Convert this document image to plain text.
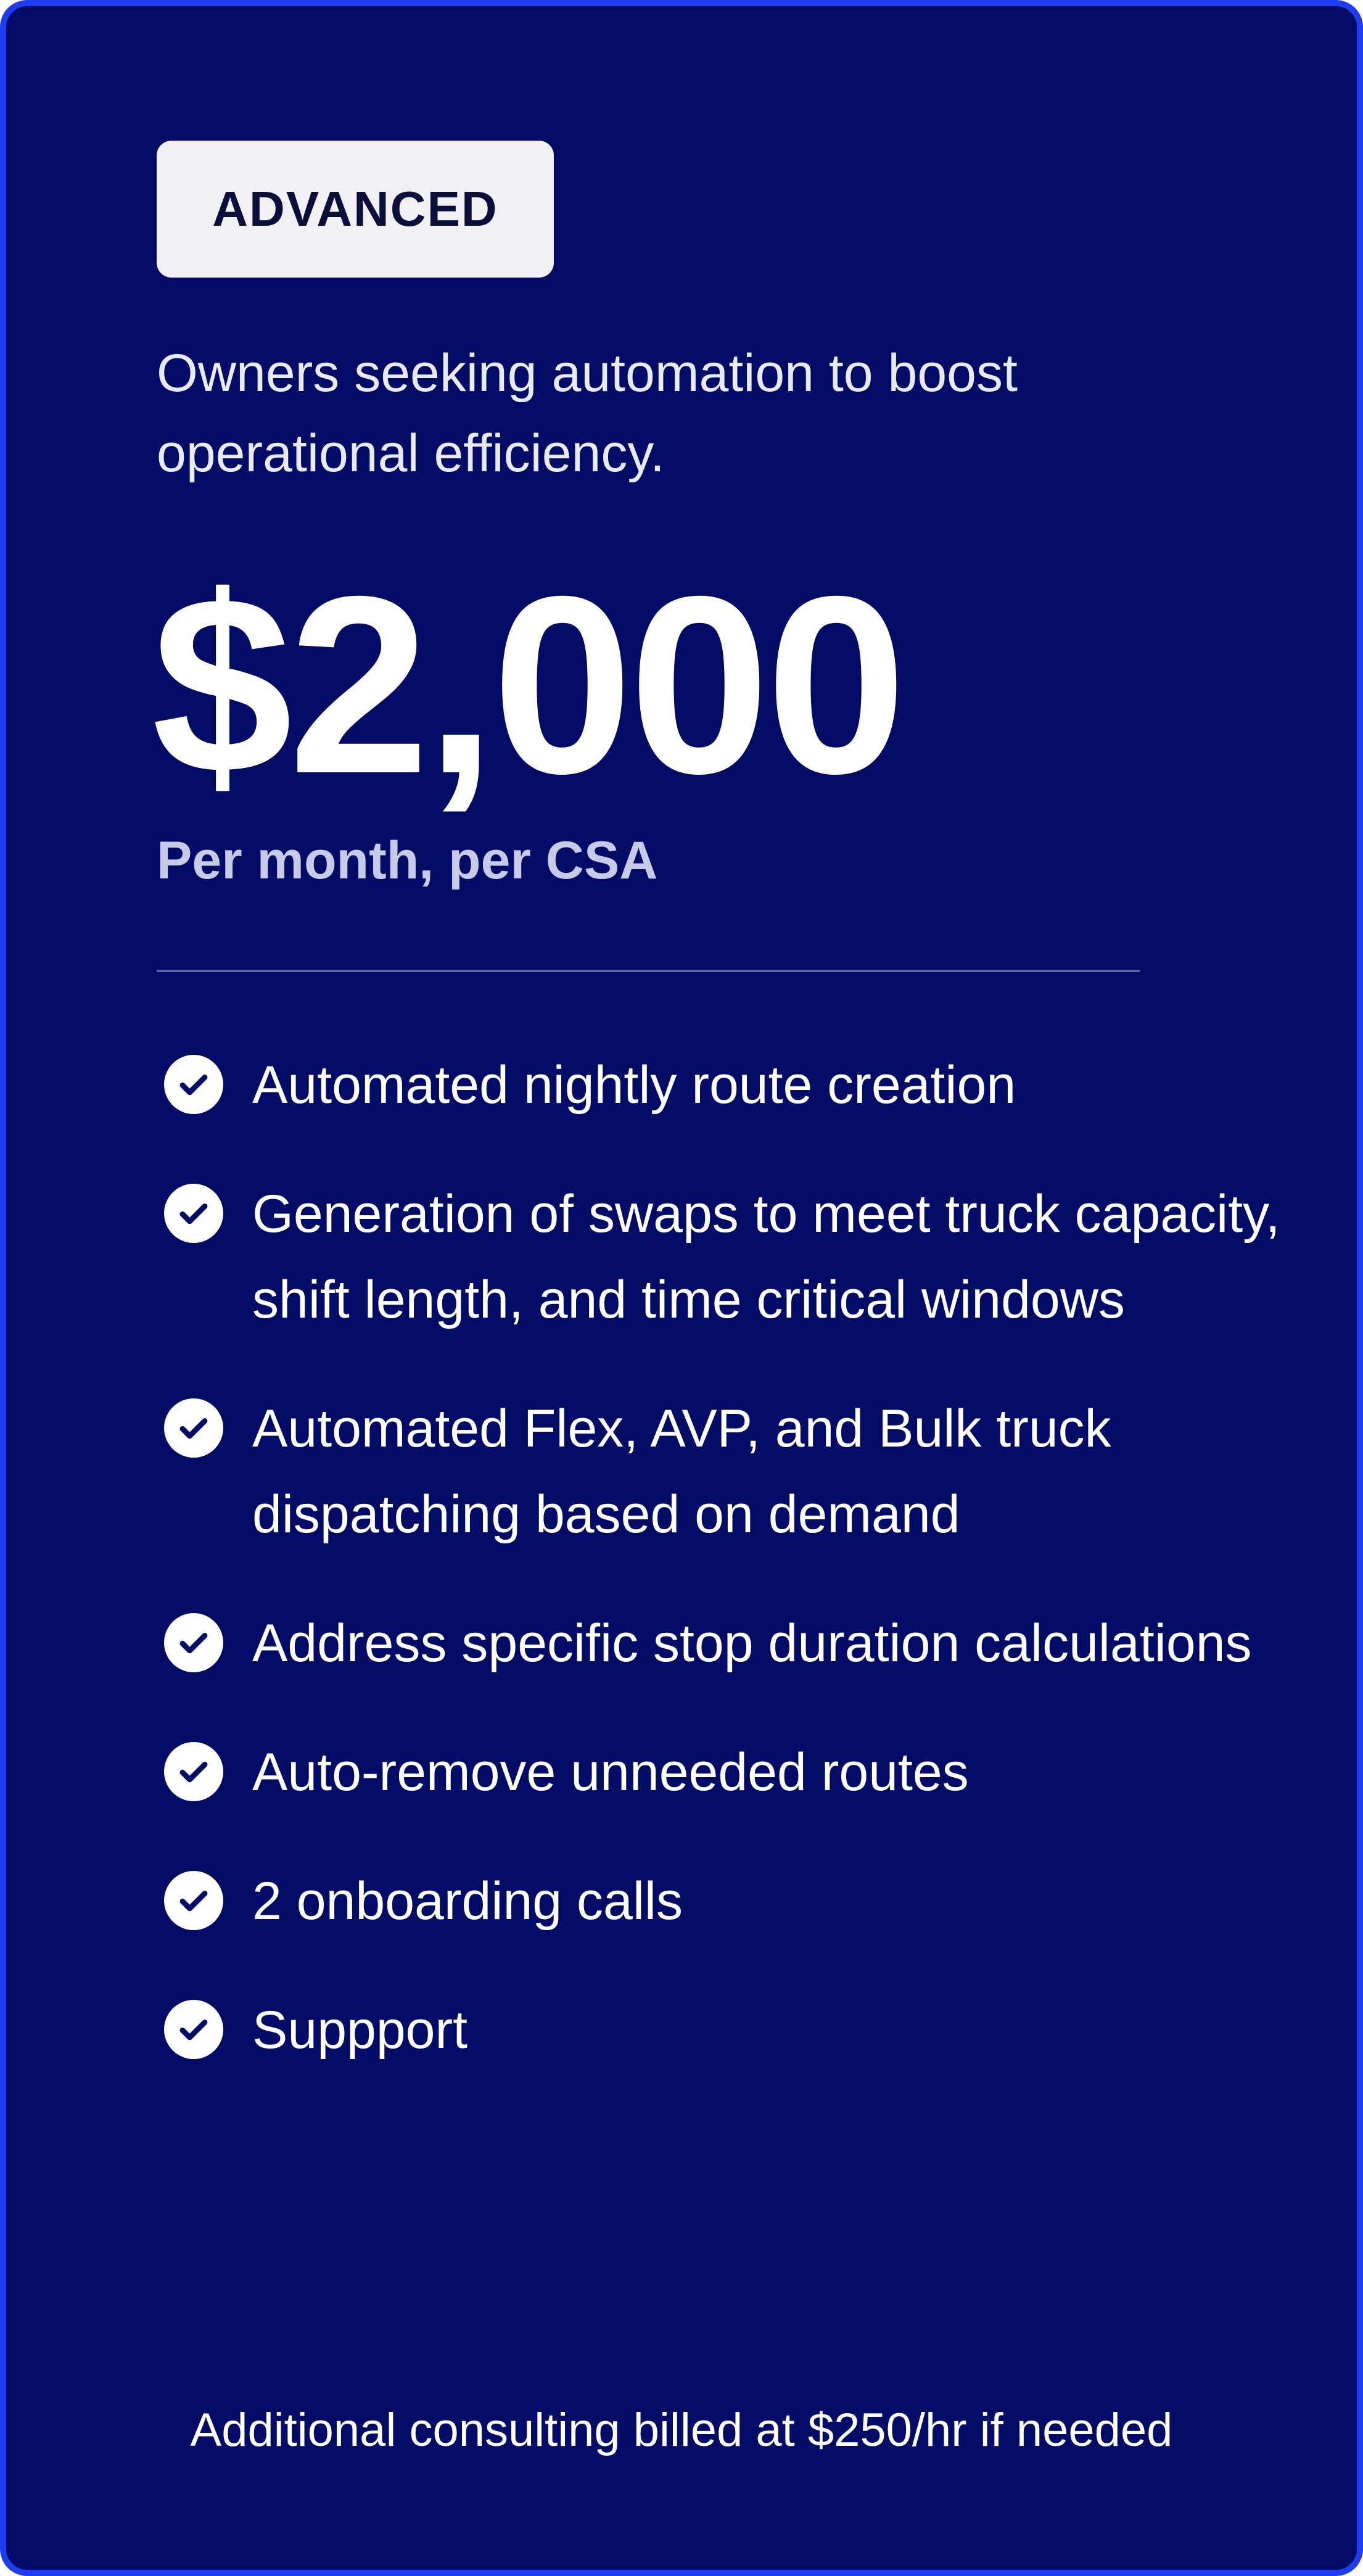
ADVANCED
Owners seeking automation to boost operational efficiency.
$2,000
Per month, per CSA
Automated nightly route creation
Generation of swaps to meet truck capacity, shift length, and time critical windows
Automated Flex, AVP, and Bulk truck dispatching based on demand
Address specific stop duration calculations
Auto-remove unneeded routes
2 onboarding calls
Suppport
Additional consulting billed at $250/hr if needed
